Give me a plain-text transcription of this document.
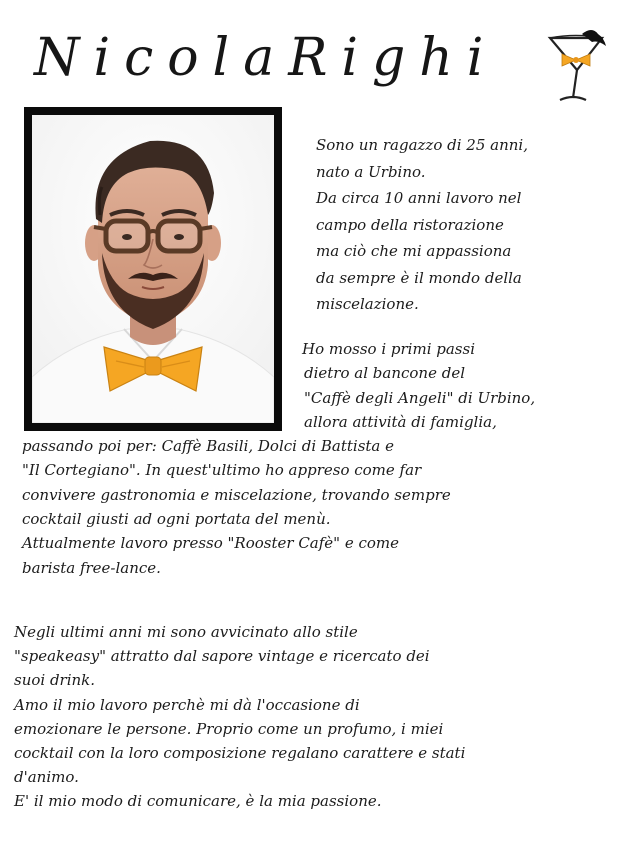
NicolaRighi
Sono un ragazzo di 25 anni,
nato a Urbino.
Da circa 10 anni lavoro nel
campo della ristorazione
ma ciò che mi appassiona
da sempre è il mondo della
miscelazione.
Ho mosso i primi passi
dietro al bancone del
"Caffè degli Angeli" di Urbino,
allora attività di famiglia,
passando poi per: Caffè Basili, Dolci di Battista e
"Il Cortegiano". In quest'ultimo ho appreso come far
convivere gastronomia e miscelazione, trovando sempre
cocktail giusti ad ogni portata del menù.
Attualmente lavoro presso "Rooster Cafè" e come
barista free-lance.
Negli ultimi anni mi sono avvicinato allo stile
"speakeasy" attratto dal sapore vintage e ricercato dei
suoi drink.
Amo il mio lavoro perchè mi dà l'occasione di
emozionare le persone. Proprio come un profumo, i miei
cocktail con la loro composizione regalano carattere e stati
d'animo.
E' il mio modo di comunicare, è la mia passione.
